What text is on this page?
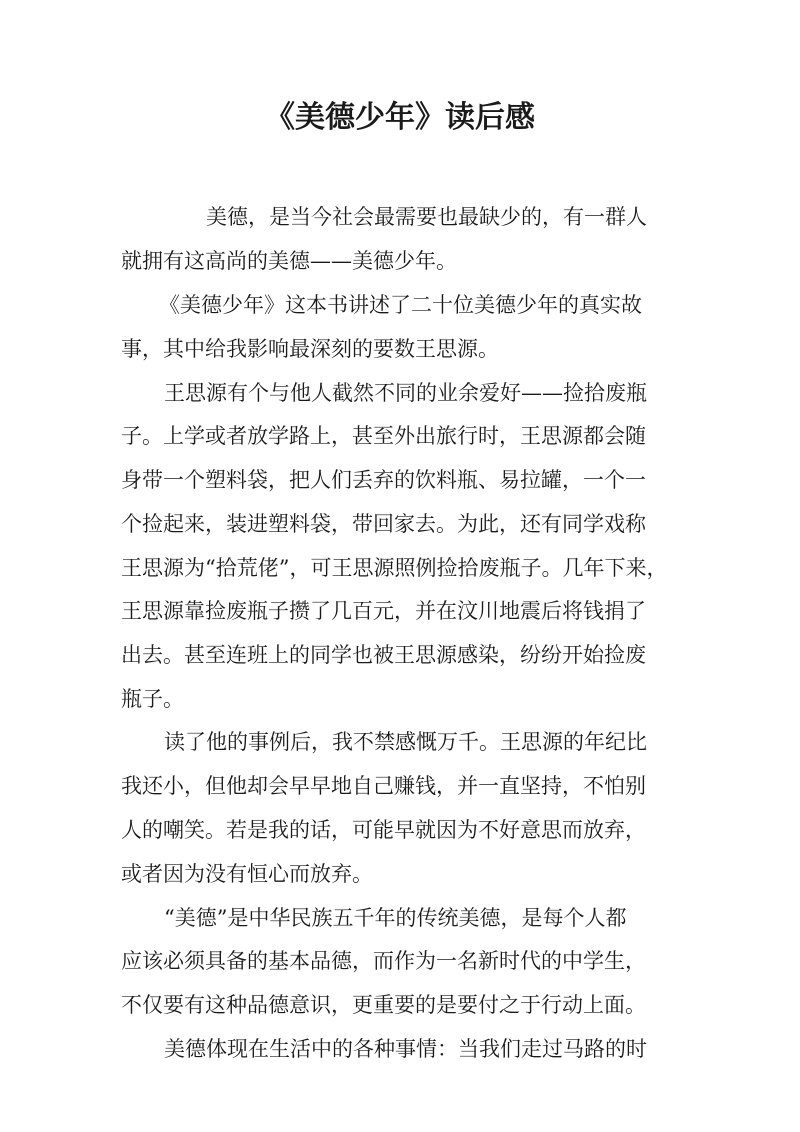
《美德少年》读后感
美德，是当今社会最需要也最缺少的，有一群人
就拥有这高尚的美德——美德少年。
《美德少年》这本书讲述了二十位美德少年的真实故
事，其中给我影响最深刻的要数王思源。
王思源有个与他人截然不同的业余爱好——捡拾废瓶
子。上学或者放学路上，甚至外出旅行时，王思源都会随
身带一个塑料袋，把人们丢弃的饮料瓶、易拉罐，一个一
个捡起来，装进塑料袋，带回家去。为此，还有同学戏称
王思源为“拾荒佬”，可王思源照例捡拾废瓶子。几年下来，
王思源靠捡废瓶子攒了几百元，并在汶川地震后将钱捐了
出去。甚至连班上的同学也被王思源感染，纷纷开始捡废
瓶子。
读了他的事例后，我不禁感慨万千。王思源的年纪比
我还小，但他却会早早地自己赚钱，并一直坚持，不怕别
人的嘲笑。若是我的话，可能早就因为不好意思而放弃，
或者因为没有恒心而放弃。
“美德”是中华民族五千年的传统美德，是每个人都
应该必须具备的基本品德，而作为一名新时代的中学生，
不仅要有这种品德意识，更重要的是要付之于行动上面。
美德体现在生活中的各种事情：当我们走过马路的时
